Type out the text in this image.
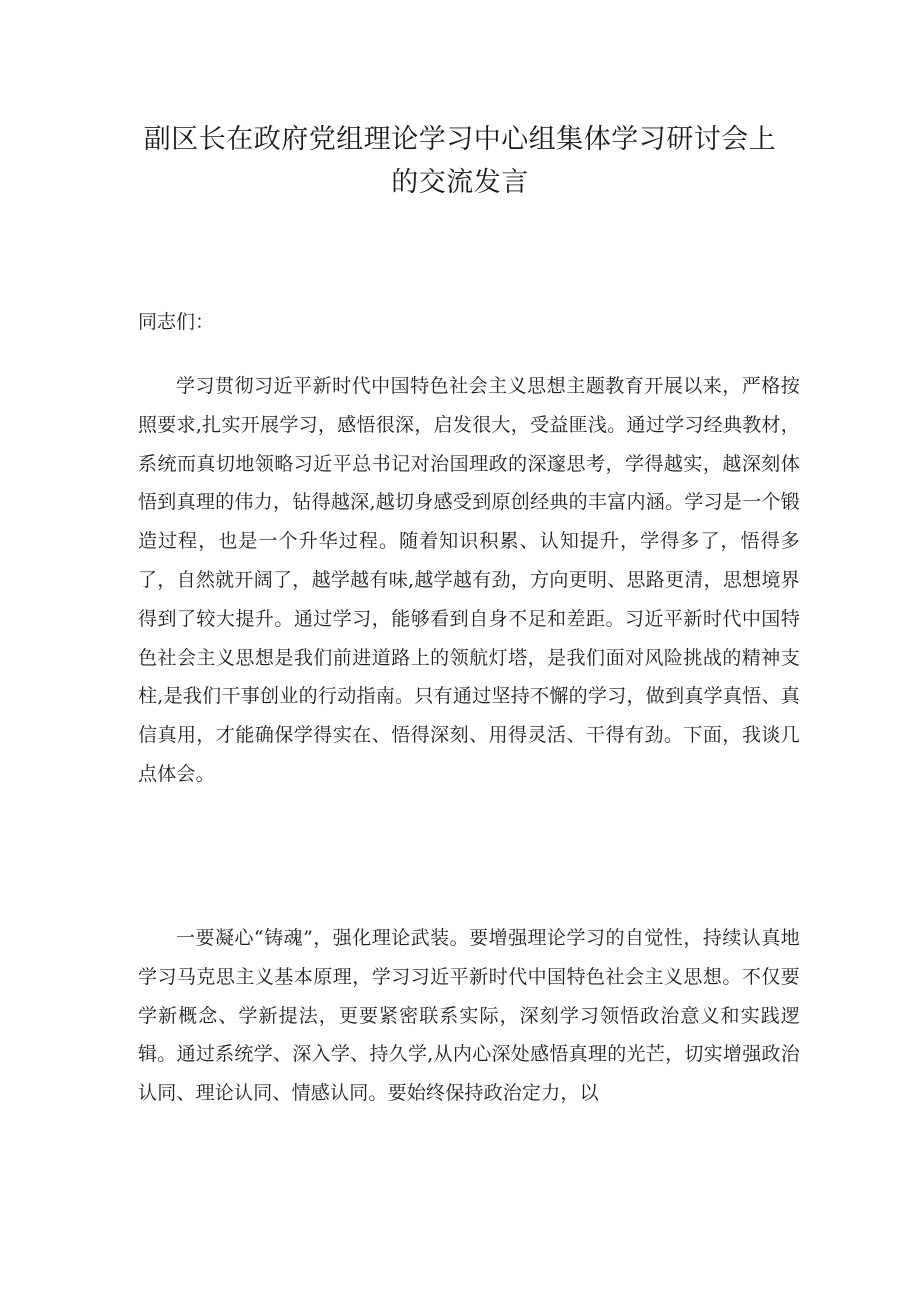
副区长在政府党组理论学习中心组集体学习研讨会上
的交流发言
同志们：

学习贯彻习近平新时代中国特色社会主义思想主题教育开展以来，严格按照要求,扎实开展学习，感悟很深，启发很大，受益匪浅。通过学习经典教材，系统而真切地领略习近平总书记对治国理政的深邃思考，学得越实，越深刻体悟到真理的伟力，钻得越深,越切身感受到原创经典的丰富内涵。学习是一个锻造过程，也是一个升华过程。随着知识积累、认知提升，学得多了，悟得多了，自然就开阔了，越学越有味,越学越有劲，方向更明、思路更清，思想境界得到了较大提升。通过学习，能够看到自身不足和差距。习近平新时代中国特色社会主义思想是我们前进道路上的领航灯塔，是我们面对风险挑战的精神支柱,是我们干事创业的行动指南。只有通过坚持不懈的学习，做到真学真悟、真信真用，才能确保学得实在、悟得深刻、用得灵活、干得有劲。下面，我谈几点体会。

一要凝心“铸魂”，强化理论武装。要增强理论学习的自觉性，持续认真地学习马克思主义基本原理，学习习近平新时代中国特色社会主义思想。不仅要学新概念、学新提法，更要紧密联系实际，深刻学习领悟政治意义和实践逻辑。通过系统学、深入学、持久学,从内心深处感悟真理的光芒，切实增强政治认同、理论认同、情感认同。要始终保持政治定力，以
